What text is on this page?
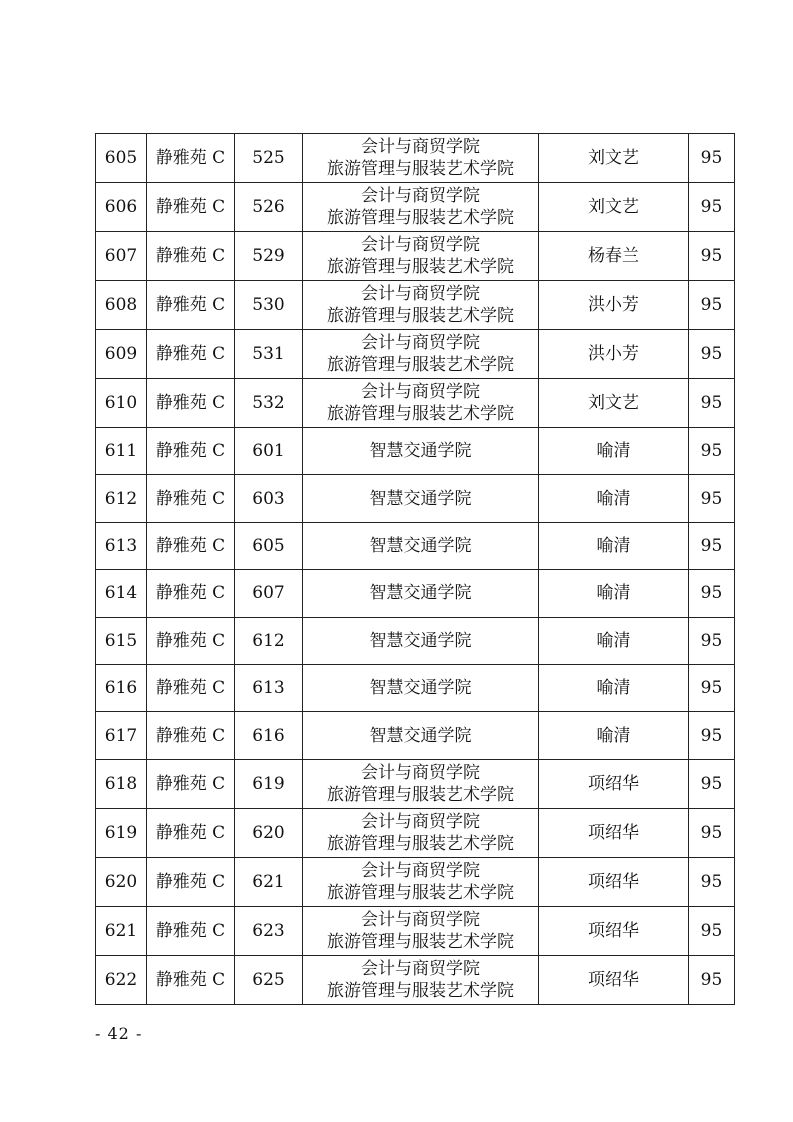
605	静雅苑 C	525	会计与商贸学院
旅游管理与服装艺术学院	刘文艺	95
606	静雅苑 C	526	会计与商贸学院
旅游管理与服装艺术学院	刘文艺	95
607	静雅苑 C	529	会计与商贸学院
旅游管理与服装艺术学院	杨春兰	95
608	静雅苑 C	530	会计与商贸学院
旅游管理与服装艺术学院	洪小芳	95
609	静雅苑 C	531	会计与商贸学院
旅游管理与服装艺术学院	洪小芳	95
610	静雅苑 C	532	会计与商贸学院
旅游管理与服装艺术学院	刘文艺	95
611	静雅苑 C	601	智慧交通学院	喻清	95
612	静雅苑 C	603	智慧交通学院	喻清	95
613	静雅苑 C	605	智慧交通学院	喻清	95
614	静雅苑 C	607	智慧交通学院	喻清	95
615	静雅苑 C	612	智慧交通学院	喻清	95
616	静雅苑 C	613	智慧交通学院	喻清	95
617	静雅苑 C	616	智慧交通学院	喻清	95
618	静雅苑 C	619	会计与商贸学院
旅游管理与服装艺术学院	项绍华	95
619	静雅苑 C	620	会计与商贸学院
旅游管理与服装艺术学院	项绍华	95
620	静雅苑 C	621	会计与商贸学院
旅游管理与服装艺术学院	项绍华	95
621	静雅苑 C	623	会计与商贸学院
旅游管理与服装艺术学院	项绍华	95
622	静雅苑 C	625	会计与商贸学院
旅游管理与服装艺术学院	项绍华	95
- 42 -
